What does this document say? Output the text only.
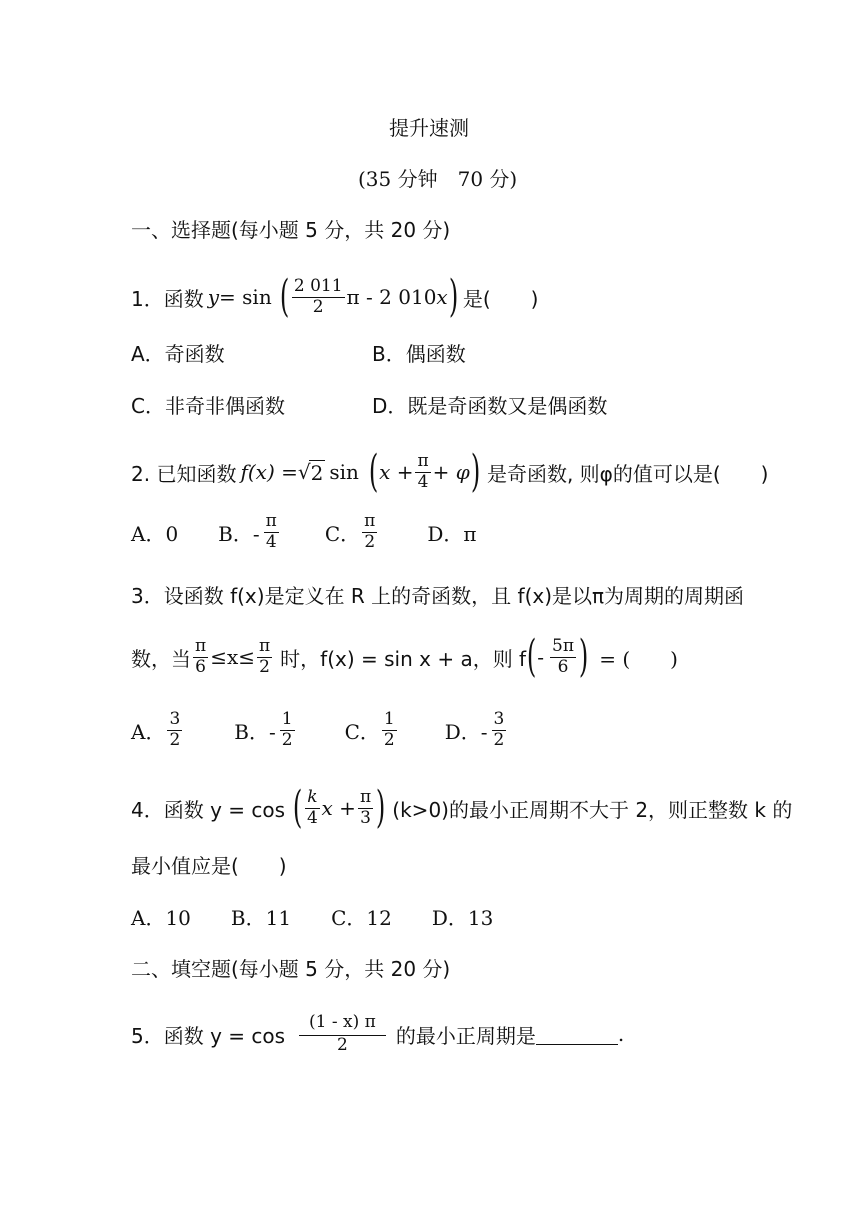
提升速测
(35 分钟　70 分)
一、选择题(每小题 5 分，共 20 分)
1．函数 y = sin ( $\frac{2 011}{2}$ π - 2 010 x ) 是(　　)
A．奇函数	B．偶函数
C．非奇非偶函数	D．既是奇函数又是偶函数
2. 已知函数 f(x) = √ 2 sin ( $x + \frac{\pi}{4} + \varphi$ ) 是奇函数, 则φ的值可以是(　　)
A．0 B．- $\frac{\pi}{4}$ C． $\frac{\pi}{2}$	D．π
3．设函数 f(x)是定义在 R 上的奇函数，且 f(x)是以π为周期的周期函
数，当 $\frac{\pi}{6} \le x\le \frac{\pi}{2}$ 时，f(x) = sin x + a，则 f ( - $\frac{5\pi}{6}$ ) = (　　)
A． $\frac{3}{2}$	B．- $\frac{1}{2}$	C． $\frac{1}{2}$ D．- $\frac{3}{2}$
4．函数 y = cos ( $\frac{k}{4}$ $x + \frac{\pi}{3}$ ) (k>0)的最小正周期不大于 2，则正整数 k 的
最小值应是(　　)
A．10 B．11 C．12 D．13
二、填空题(每小题 5 分，共 20 分)
5．函数 $y = \cos \frac{(1 - x) \pi}{2}$ 的最小正周期是	.
